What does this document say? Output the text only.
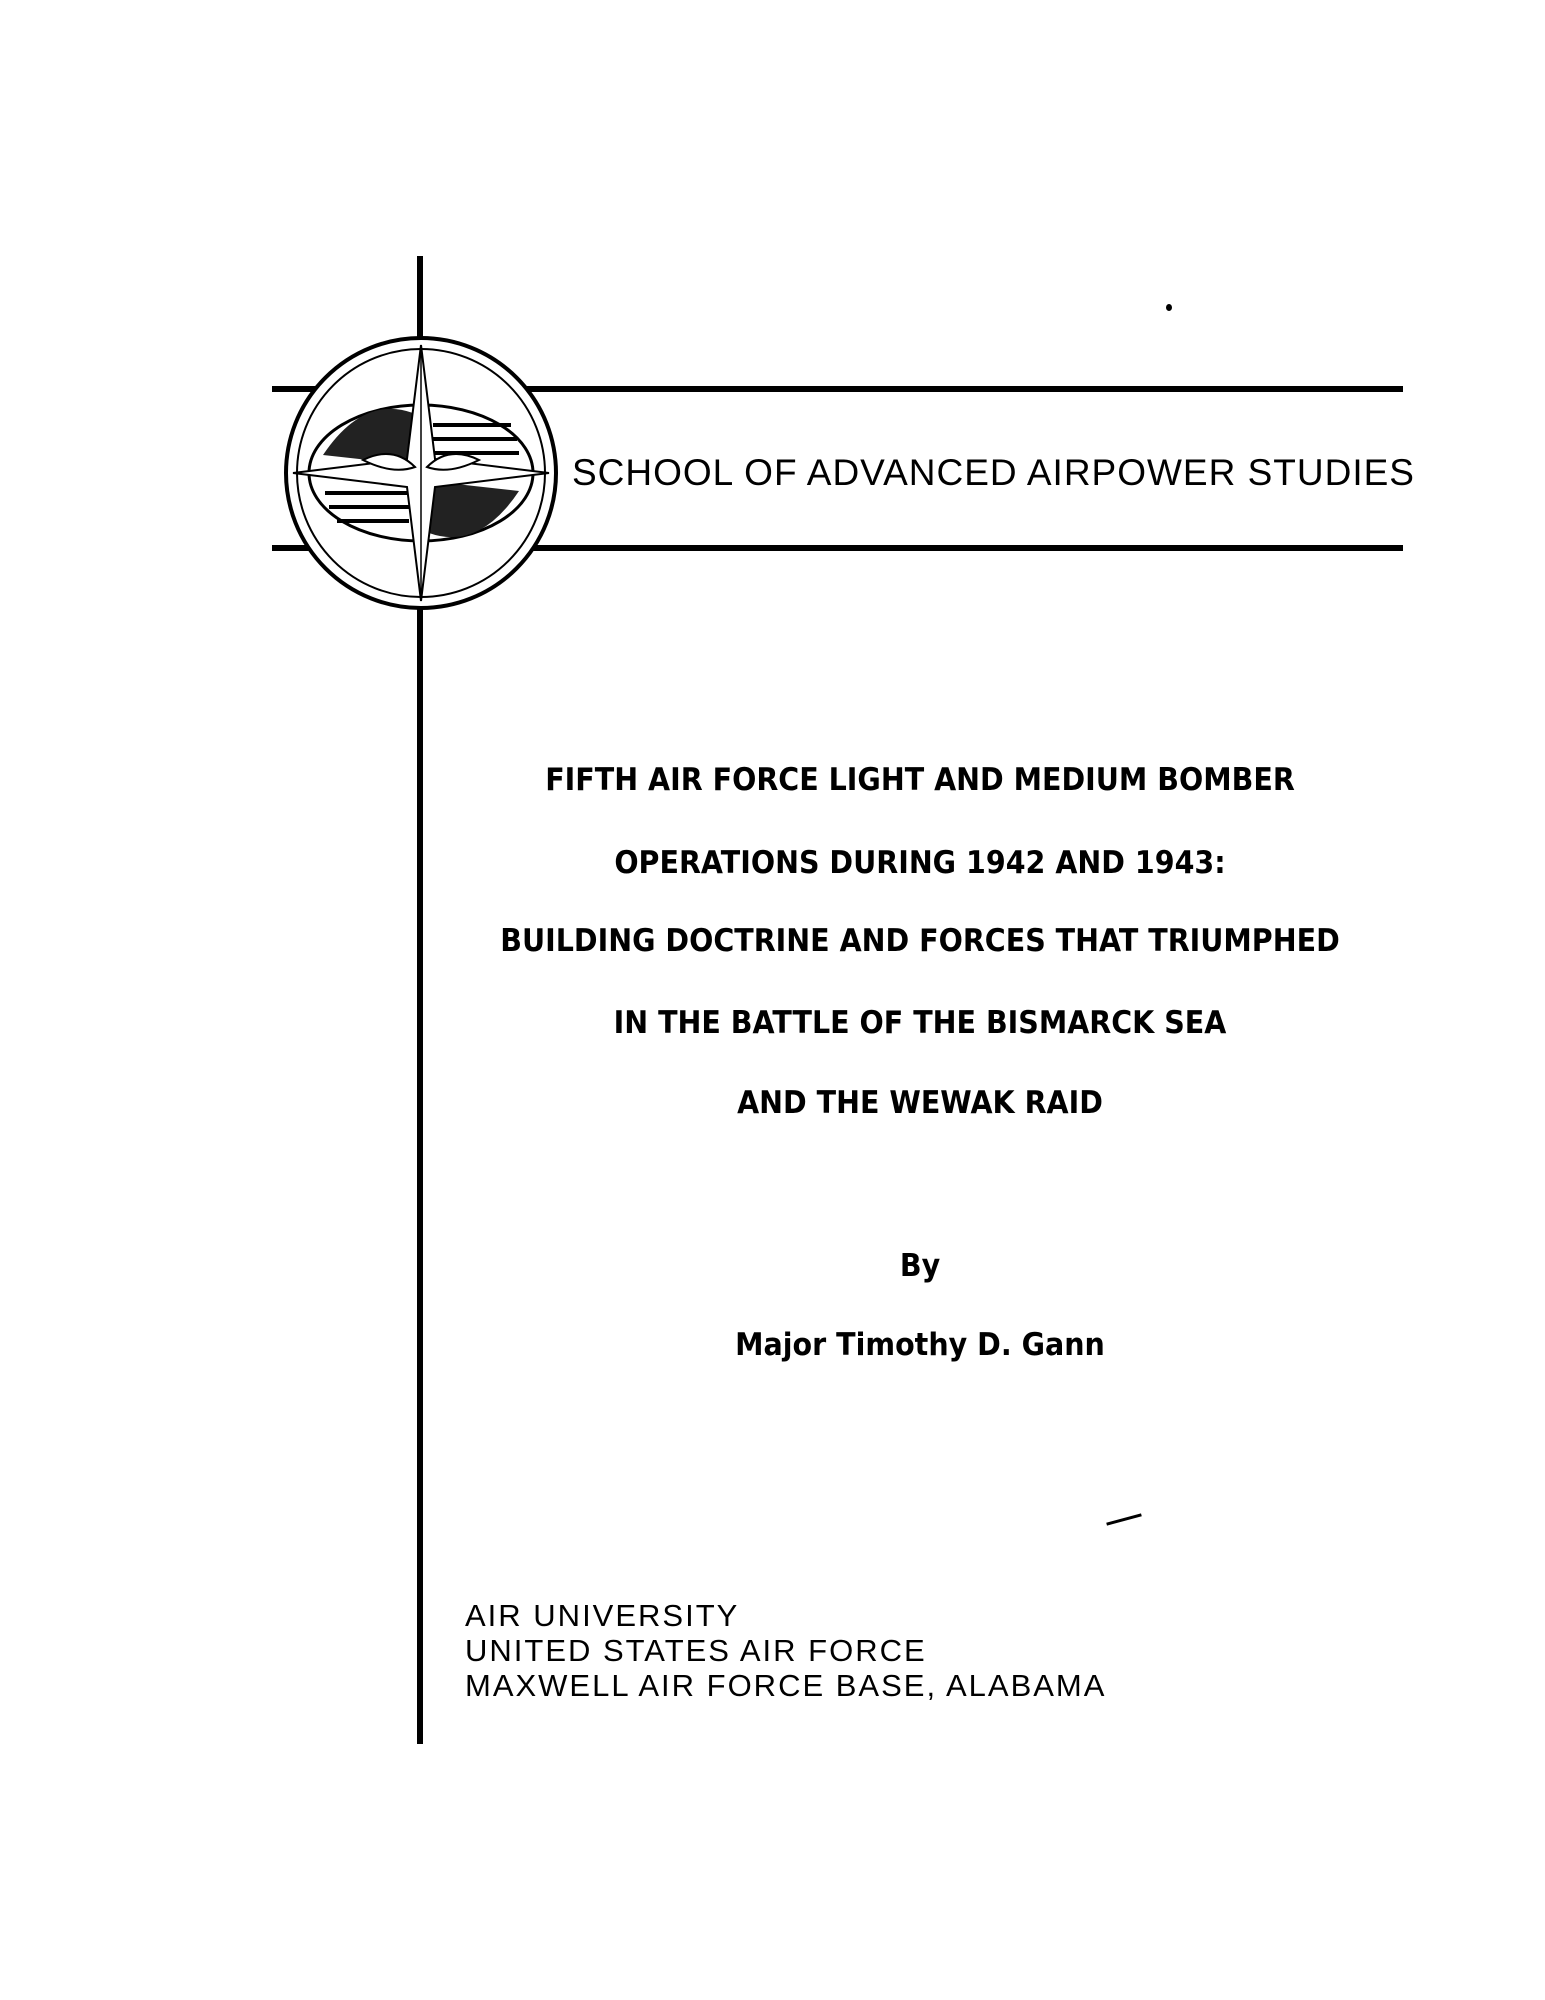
SCHOOL OF ADVANCED AIRPOWER STUDIES
FIFTH AIR FORCE LIGHT AND MEDIUM BOMBER
OPERATIONS DURING 1942 AND 1943:
BUILDING DOCTRINE AND FORCES THAT TRIUMPHED
IN THE BATTLE OF THE BISMARCK SEA
AND THE WEWAK RAID
By
Major Timothy D. Gann
AIR UNIVERSITY
UNITED STATES AIR FORCE
MAXWELL AIR FORCE BASE, ALABAMA
